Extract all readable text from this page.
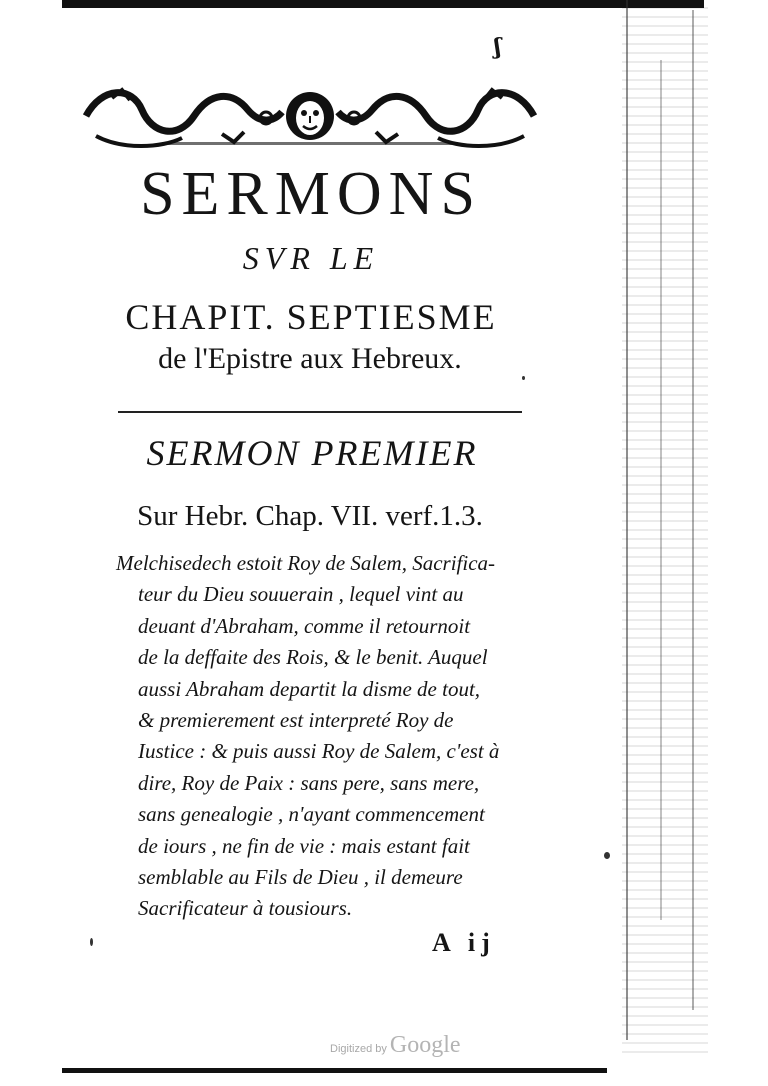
ʃ
SERMONS
SVR LE
CHAPIT. SEPTIESME
de l'Epistre aux Hebreux.
SERMON PREMIER
Sur Hebr. Chap. VII. verf.1.3.
Melchisedech estoit Roy de Salem, Sacrifica-
teur du Dieu souuerain , lequel vint au
deuant d'Abraham, comme il retournoit
de la deffaite des Rois, & le benit. Auquel
aussi Abraham departit la disme de tout,
& premierement est interpreté Roy de
Iustice : & puis aussi Roy de Salem, c'est à
dire, Roy de Paix : sans pere, sans mere,
sans genealogie , n'ayant commencement
de iours , ne fin de vie : mais estant fait
semblable au Fils de Dieu , il demeure
Sacrificateur à tousiours.
A ij
Digitized by Google
